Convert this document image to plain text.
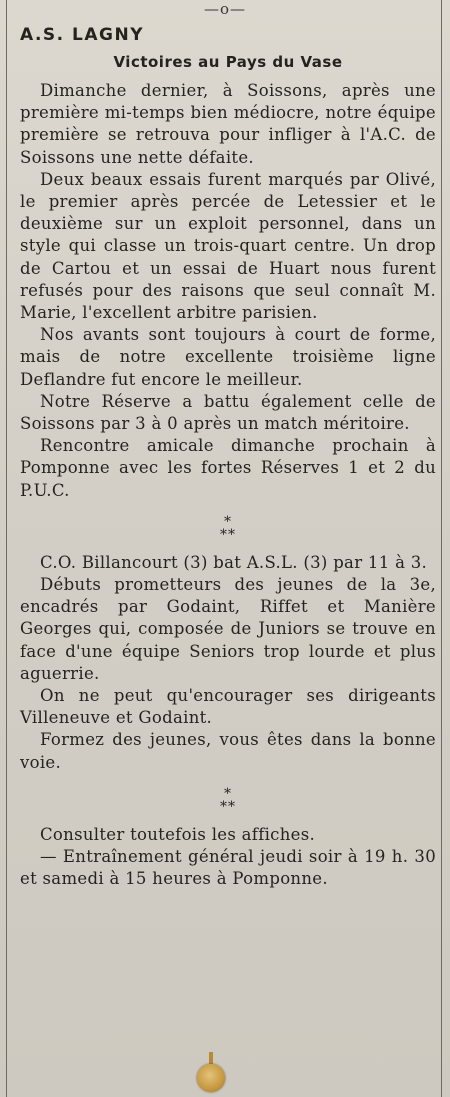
—o—
A.S. LAGNY
Victoires au Pays du Vase

Dimanche dernier, à Soissons, après une première mi-temps bien médiocre, notre équipe première se retrouva pour infliger à l'A.C. de Soissons une nette défaite.

Deux beaux essais furent marqués par Olivé, le premier après percée de Letessier et le deuxième sur un exploit personnel, dans un style qui classe un trois-quart centre. Un drop de Cartou et un essai de Huart nous furent refusés pour des raisons que seul connaît M. Marie, l'excellent arbitre parisien.

Nos avants sont toujours à court de forme, mais de notre excellente troisième ligne Deflandre fut encore le meilleur.

Notre Réserve a battu également celle de Soissons par 3 à 0 après un match méritoire.

Rencontre amicale dimanche prochain à Pomponne avec les fortes Réserves 1 et 2 du P.U.C.

*
**

C.O. Billancourt (3) bat A.S.L. (3) par 11 à 3.

Débuts prometteurs des jeunes de la 3e, encadrés par Godaint, Riffet et Manière Georges qui, composée de Juniors se trouve en face d'une équipe Seniors trop lourde et plus aguerrie.

On ne peut qu'encourager ses dirigeants Villeneuve et Godaint.

Formez des jeunes, vous êtes dans la bonne voie.

*
**

Consulter toutefois les affiches.

— Entraînement général jeudi soir à 19 h. 30 et samedi à 15 heures à Pomponne.
